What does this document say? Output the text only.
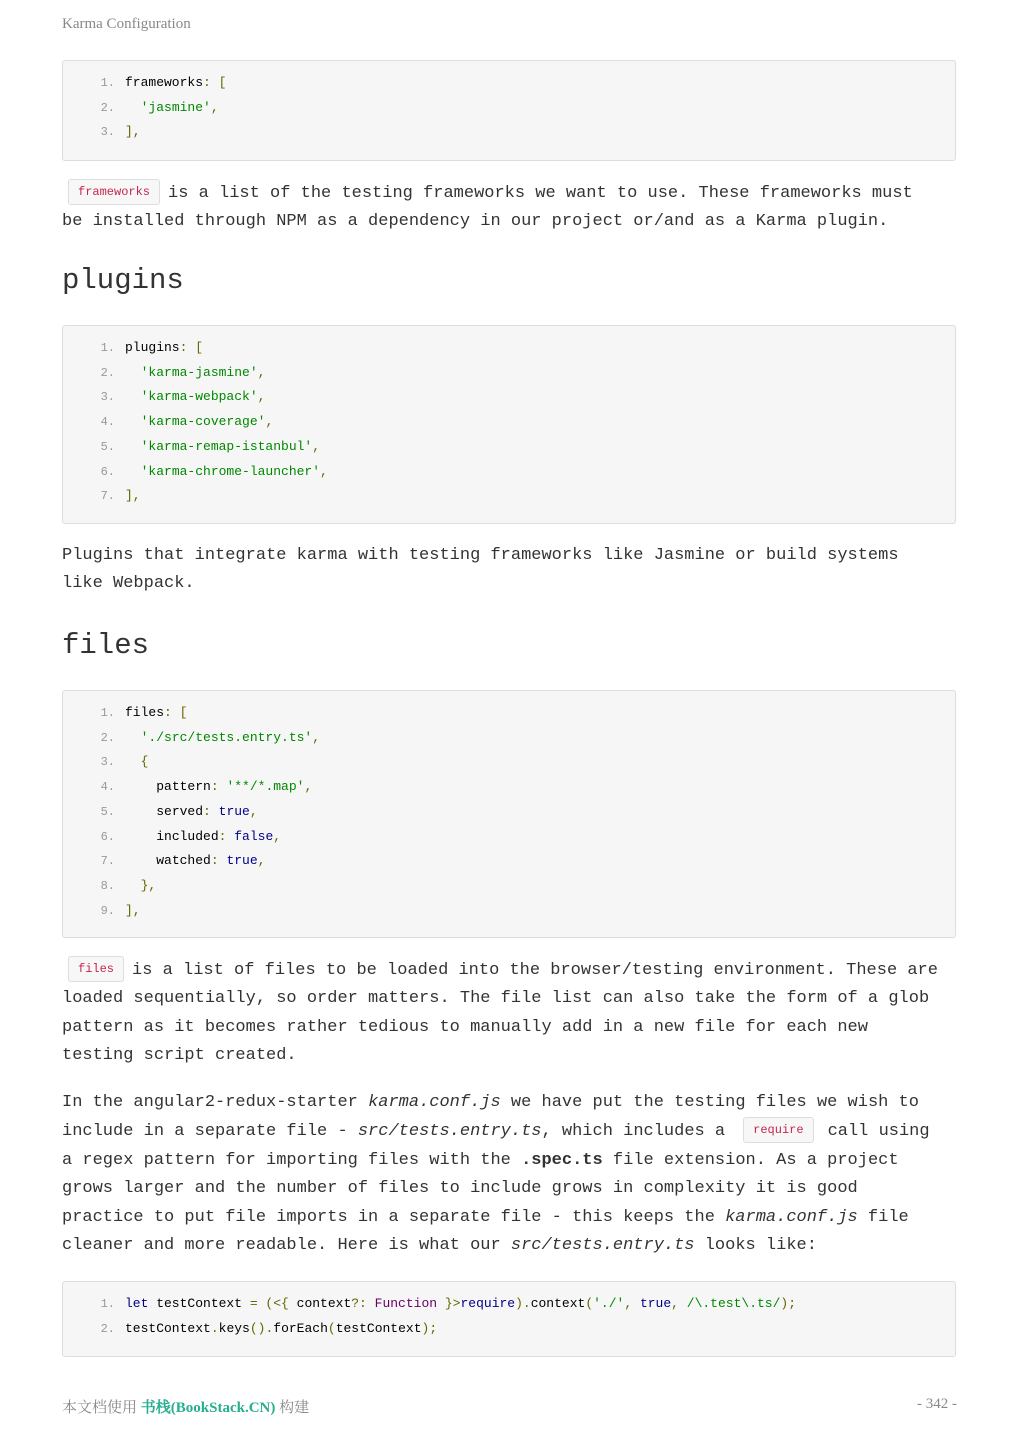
Karma Configuration
1. frameworks: [
2. 'jasmine',
3. ],

frameworks is a list of the testing frameworks we want to use. These frameworks must
be installed through NPM as a dependency in our project or/and as a Karma plugin.

plugins
1. plugins: [
2. 'karma-jasmine',
3. 'karma-webpack',
4. 'karma-coverage',
5. 'karma-remap-istanbul',
6. 'karma-chrome-launcher',
7. ],

Plugins that integrate karma with testing frameworks like Jasmine or build systems
like Webpack.

files
1. files: [
2. './src/tests.entry.ts',
3. {
4.	pattern: '**/*.map',
5.	served: true,
6.	included: false,
7.	watched: true,
8. },
9. ],

files is a list of files to be loaded into the browser/testing environment. These are
loaded sequentially, so order matters. The file list can also take the form of a glob
pattern as it becomes rather tedious to manually add in a new file for each new
testing script created.

In the angular2-redux-starter karma.conf.js we have put the testing files we wish to
include in a separate file - src/tests.entry.ts, which includes a require call using
a regex pattern for importing files with the .spec.ts file extension. As a project
grows larger and the number of files to include grows in complexity it is good
practice to put file imports in a separate file - this keeps the karma.conf.js file
cleaner and more readable. Here is what our src/tests.entry.ts looks like:

1. let testContext = (<{ context?: Function }>require).context('./', true, /\.test\.ts/);
2. testContext.keys().forEach(testContext);
本文档使用 书栈(BookStack.CN) 构建	- 342 -
